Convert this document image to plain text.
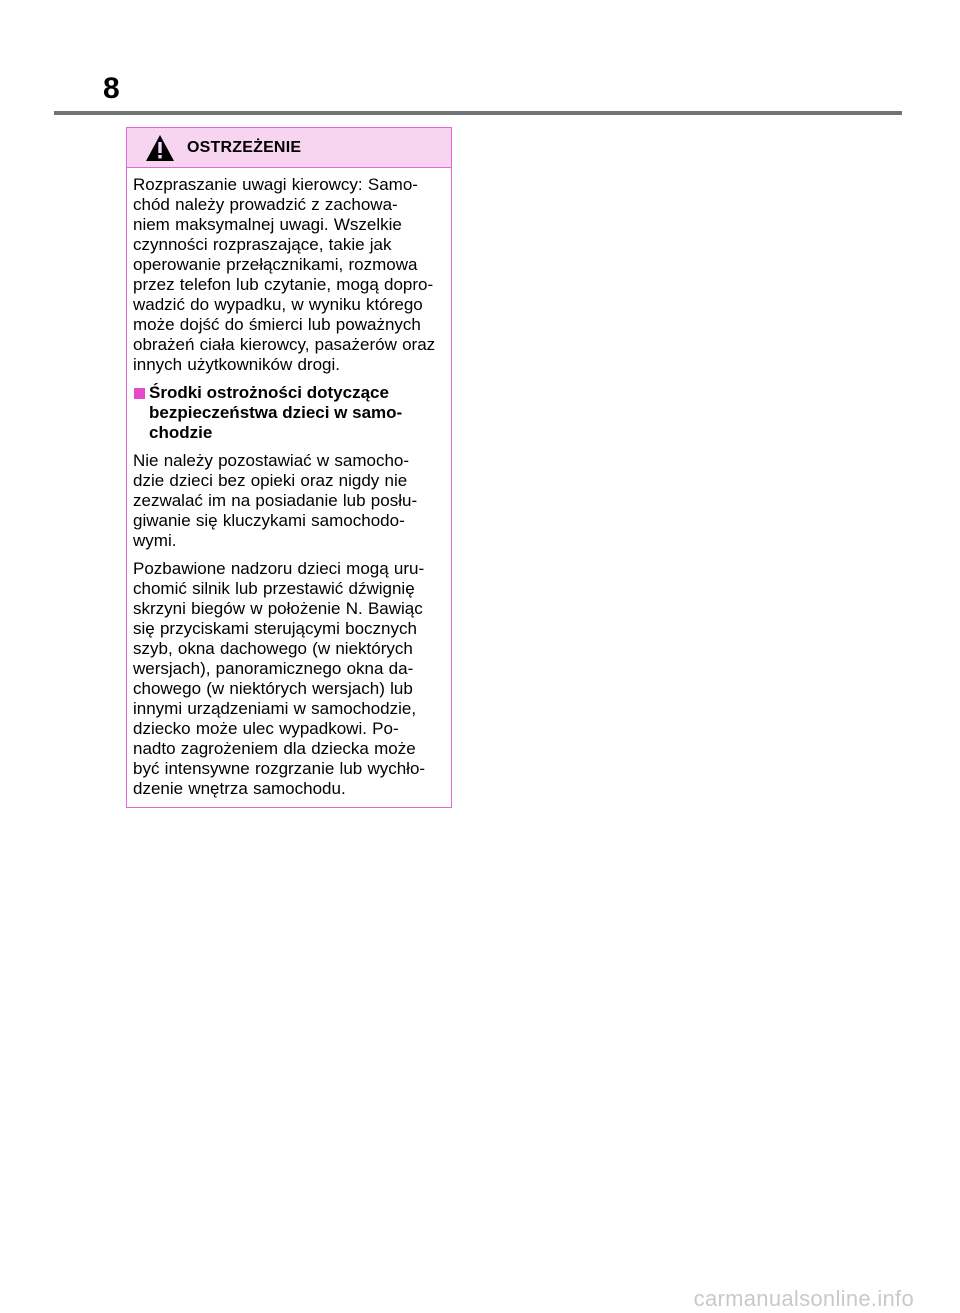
8
OSTRZEŻENIE

Rozpraszanie uwagi kierowcy: Samo-
chód należy prowadzić z zachowa-
niem maksymalnej uwagi. Wszelkie
czynności rozpraszające, takie jak
operowanie przełącznikami, rozmowa
przez telefon lub czytanie, mogą dopro-
wadzić do wypadku, w wyniku którego
może dojść do śmierci lub poważnych
obrażeń ciała kierowcy, pasażerów oraz
innych użytkowników drogi.

Środki ostrożności dotyczące
bezpieczeństwa dzieci w samo-
chodzie

Nie należy pozostawiać w samocho-
dzie dzieci bez opieki oraz nigdy nie
zezwalać im na posiadanie lub posłu-
giwanie się kluczykami samochodo-
wymi.

Pozbawione nadzoru dzieci mogą uru-
chomić silnik lub przestawić dźwignię
skrzyni biegów w położenie N. Bawiąc
się przyciskami sterującymi bocznych
szyb, okna dachowego (w niektórych
wersjach), panoramicznego okna da-
chowego (w niektórych wersjach) lub
innymi urządzeniami w samochodzie,
dziecko może ulec wypadkowi. Po-
nadto zagrożeniem dla dziecka może
być intensywne rozgrzanie lub wychło-
dzenie wnętrza samochodu.

carmanualsonline.info
